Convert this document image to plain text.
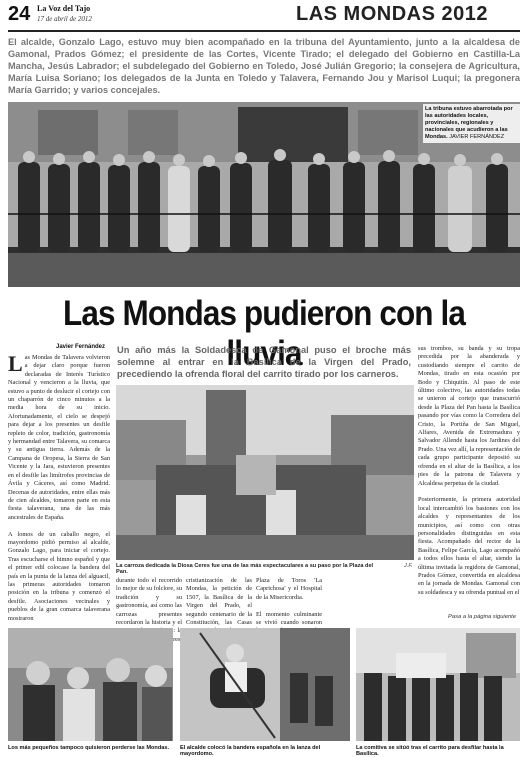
24 La Voz del Tajo
17 de abril de 2012	LAS MONDAS 2012
El alcalde, Gonzalo Lago, estuvo muy bien acompañado en la tribuna del Ayuntamiento, junto a la alcaldesa de Gamonal, Prados Gómez; el presidente de las Cortes, Vicente Tirado; el delegado del Gobierno en Castilla-La Mancha, Jesús Labrador; el subdelegado del Gobierno en Toledo, José Julián Gregorio; la consejera de Agricultura, María Luisa Soriano; los delegados de la Junta en Toledo y Talavera, Fernando Jou y Marisol Luqui; la pregonera María Garrido; y varios concejales.
La tribuna estuvo abarrotada por las autoridades locales, provinciales, regionales y nacionales que acudieron a las Mondas. JAVIER FERNÁNDEZ
Las Mondas pudieron con la lluvia
Javier Fernández Un año más la Soldadesca de Gamonal puso el broche más solemne al entrar en la Basílica de la Virgen del Prado, precediendo la ofrenda floral del carrito tirado por los carneros.
Las Mondas de Talavera volvieron a dejar claro porque fueron declaradas de Interés Turístico Nacional y vencieron a la lluvia, que estuvo a punto de deslucir el cortejo con un chaparrón de cinco minutos a la media hora de su inicio. Afortunadamente, el cielo se despejó para dejar a los presentes un desfile repleto de color, tradición, gastronomía y hermandad entre Talavera, su comarca y su antigua tierra. Además de la Campana de Oropesa, la Sierra de San Vicente y la Jara, estuvieron presentes en el desfile las limítrofes provincias de Ávila y Cáceres, así como Madrid. Decenas de autoridades, entre ellas más de cien alcaldes, tomaron parte en esta fiesta talaverana, una de las más ancestrales de España.

A lomos de un caballo negro, el mayordomo pidió permiso al alcalde, Gonzalo Lago, para iniciar el cortejo. Tras escucharse el himno español y que el primer edil colocase la bandera del país en la punta de la lanza del alguacil, las primeras autoridades tomaron posición en la tribuna y comenzó el desfile. Asociaciones vecinales y pueblos de la gran comarca talaverana mostraron
La carroza dedicada la Diosa Ceres fue una de las más espectaculares a su paso por la Plaza del Pan.
J.F.
durante todo el recorrido lo mejor de su folclore, su tradición y su gastronomía, así como las carrozas presentes recordaron la historia y el Ceres,
cristianización de las Mondas, la petición de 1507, la Basílica de la Virgen del Prado, el segundo centenario de la Constitución, las Casas
Plaza de Toros 'La Caprichosa' y el Hospital de la Misericordia.

El momento culminante se vivió cuando sonaron
sus trombos, su banda y su tropa precedida por la abanderada y custodiando siempre el carrito de Mondas, tirado en esta ocasión por Bodo y Chiquitín. Al paso de este último colectivo, las autoridades todas se unieron al cortejo que transcurrió desde la Plaza del Pan hasta la Basílica pasando por vías como la Corredera del Cristo, la Portiña de San Miguel, Alfares, Avenida de Extremadura y Salvador Allende hasta los Jardines del Prado. Una vez allí, la representación de cada grupo participante depositó su ofrenda en el altar de la Basílica, a los pies de la patrona de Talavera y Alcaldesa perpetua de la ciudad.

Posteriormente, la primera autoridad local intercambió los bastones con los alcaldes y representantes de los municipios, así como con otras personalidades distinguidas en esta fiesta. Acompañado del rector de la Basílica, Felipe García, Lago acompañó a todos ellos hasta el altar, siendo la última invitada la regidora de Gamonal, Prados Gómez, convertida en alcaldesa en la jornada de Mondas. Gamonal con su soldadesca y su ofrenda puntual en el
Pasa a la página siguiente
Los más pequeños tampoco quisieron perderse las Mondas.	El alcalde colocó la bandera española en la lanza del mayordomo.
La comitiva se sitúó tras el carrito para desfilar hasta la Basílica.
